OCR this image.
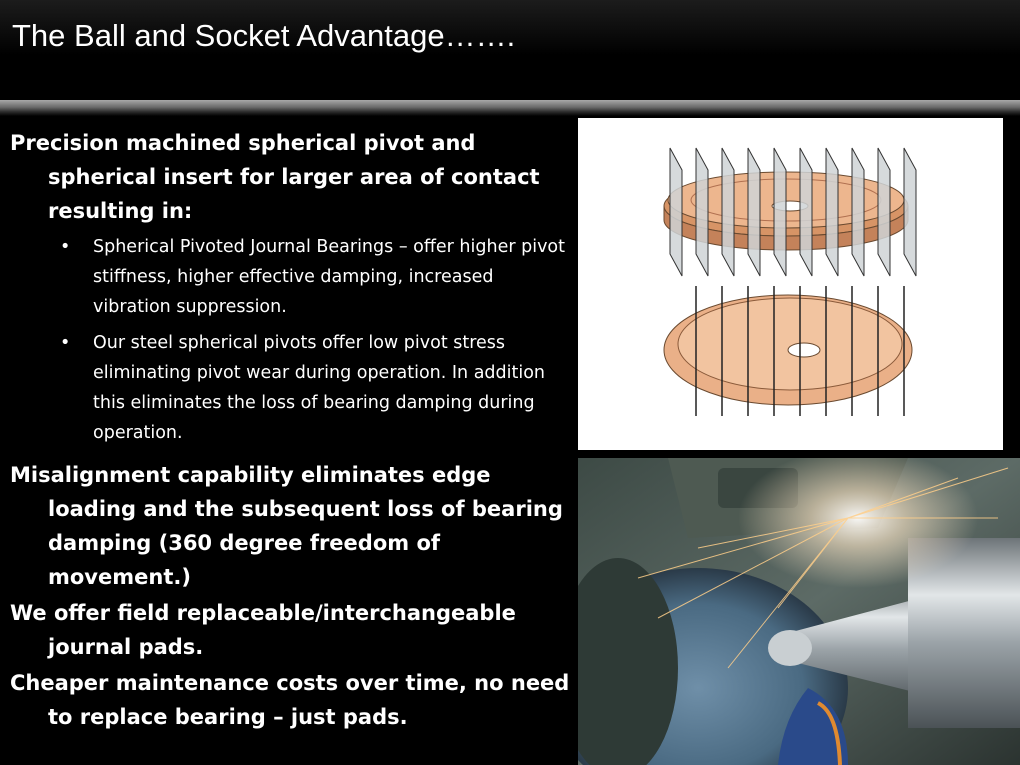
The Ball and Socket Advantage…….
Precision machined spherical pivot and spherical insert for larger area of contact resulting in:
• Spherical Pivoted Journal Bearings – offer higher pivot stiffness, higher effective damping, increased vibration suppression.
• Our steel spherical pivots offer low pivot stress eliminating pivot wear during operation. In addition this eliminates the loss of bearing damping during operation.
Misalignment capability eliminates edge loading and the subsequent loss of bearing damping (360 degree freedom of movement.)
We offer field replaceable/interchangeable journal pads.
Cheaper maintenance costs over time, no need to replace bearing – just pads.
